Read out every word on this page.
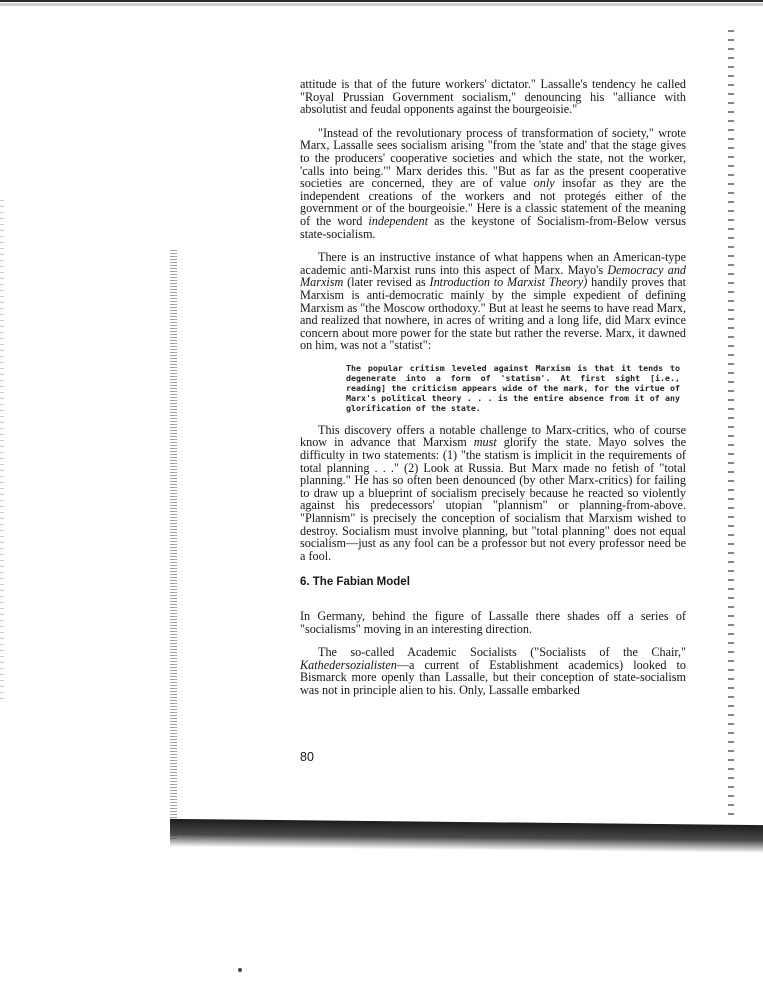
attitude is that of the future workers' dictator." Lassalle's tendency he called "Royal Prussian Government socialism," denouncing his "alliance with absolutist and feudal opponents against the bourgeoisie."

"Instead of the revolutionary process of transformation of society," wrote Marx, Lassalle sees socialism arising "from the 'state and' that the stage gives to the producers' cooperative societies and which the state, not the worker, 'calls into being.'" Marx derides this. "But as far as the present cooperative societies are concerned, they are of value only insofar as they are the independent creations of the workers and not protegés either of the government or of the bourgeoisie." Here is a classic statement of the meaning of the word independent as the keystone of Socialism-from-Below versus state-socialism.

There is an instructive instance of what happens when an American-type academic anti-Marxist runs into this aspect of Marx. Mayo's Democracy and Marxism (later revised as Introduction to Marxist Theory) handily proves that Marxism is anti-democratic mainly by the simple expedient of defining Marxism as "the Moscow orthodoxy." But at least he seems to have read Marx, and realized that nowhere, in acres of writing and a long life, did Marx evince concern about more power for the state but rather the reverse. Marx, it dawned on him, was not a "statist":

The popular critism leveled against Marxism is that it tends to degenerate into a form of 'statism'. At first sight [i.e., reading] the criticism appears wide of the mark, for the virtue of Marx's political theory . . . is the entire absence from it of any glorification of the state.

This discovery offers a notable challenge to Marx-critics, who of course know in advance that Marxism must glorify the state. Mayo solves the difficulty in two statements: (1) "the statism is implicit in the requirements of total planning . . ." (2) Look at Russia. But Marx made no fetish of "total planning." He has so often been denounced (by other Marx-critics) for failing to draw up a blueprint of socialism precisely because he reacted so violently against his predecessors' utopian "plannism" or planning-from-above. "Plannism" is precisely the conception of socialism that Marxism wished to destroy. Socialism must involve planning, but "total planning" does not equal socialism—just as any fool can be a professor but not every professor need be a fool.

6. The Fabian Model

In Germany, behind the figure of Lassalle there shades off a series of "socialisms" moving in an interesting direction.

The so-called Academic Socialists ("Socialists of the Chair," Kathedersozialisten—a current of Establishment academics) looked to Bismarck more openly than Lassalle, but their conception of state-socialism was not in principle alien to his. Only, Lassalle embarked

80
